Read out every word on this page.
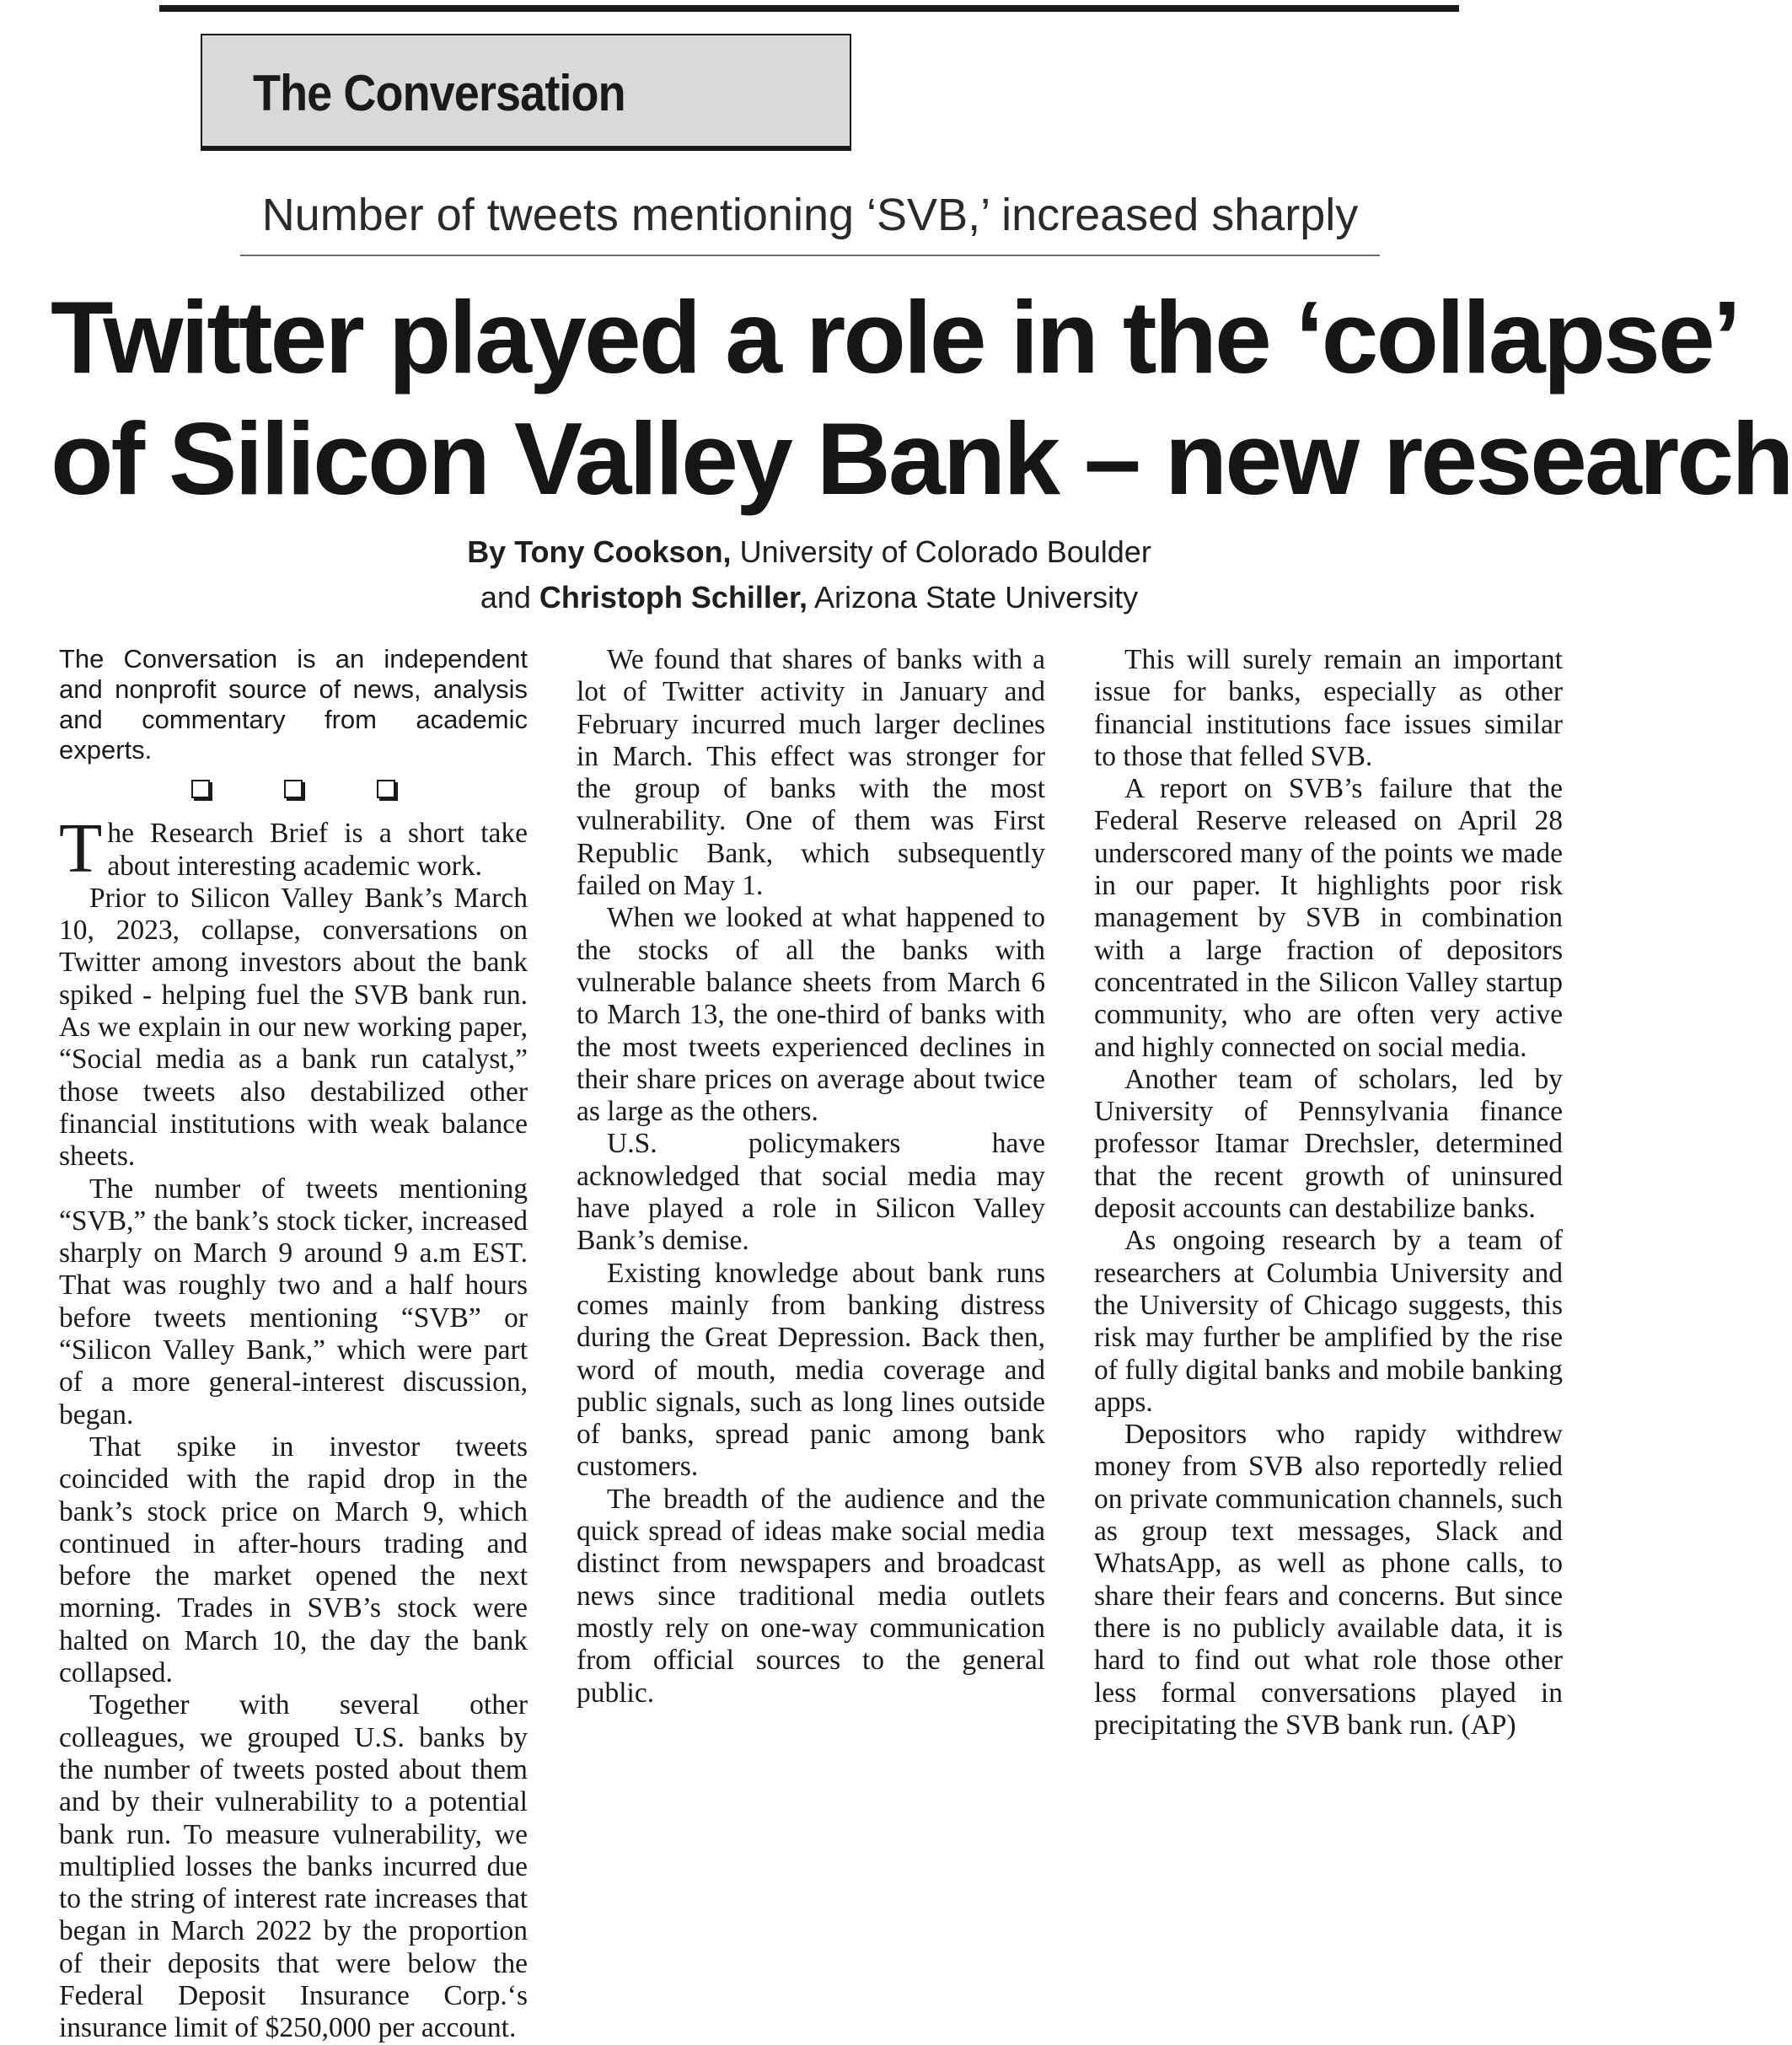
The Conversation
Number of tweets mentioning ‘SVB,’ increased sharply
Twitter played a role in the ‘collapse’
of Silicon Valley Bank – new research
By Tony Cookson, University of Colorado Boulder
and Christoph Schiller, Arizona State University

The Conversation is an independent and nonprofit source of news, analysis and commentary from academic experts.

The Research Brief is a short take about interesting academic work.

Prior to Silicon Valley Bank’s March 10, 2023, collapse, conversations on Twitter among investors about the bank spiked - helping fuel the SVB bank run. As we explain in our new working paper, “Social media as a bank run catalyst,” those tweets also destabilized other financial institutions with weak balance sheets.

The number of tweets mentioning “SVB,” the bank’s stock ticker, increased sharply on March 9 around 9 a.m EST. That was roughly two and a half hours before tweets mentioning “SVB” or “Silicon Valley Bank,” which were part of a more general-interest discussion, began.

That spike in investor tweets coincided with the rapid drop in the bank’s stock price on March 9, which continued in after-hours trading and before the market opened the next morning. Trades in SVB’s stock were halted on March 10, the day the bank collapsed.

Together with several other colleagues, we grouped U.S. banks by the number of tweets posted about them and by their vulnerability to a potential bank run. To measure vulnerability, we multiplied losses the banks incurred due to the string of interest rate increases that began in March 2022 by the proportion of their deposits that were below the Federal Deposit Insurance Corp.‘s insurance limit of $250,000 per account.

We found that shares of banks with a lot of Twitter activity in January and February incurred much larger declines in March. This effect was stronger for the group of banks with the most vulnerability. One of them was First Republic Bank, which subsequently failed on May 1.

When we looked at what happened to the stocks of all the banks with vulnerable balance sheets from March 6 to March 13, the one-third of banks with the most tweets experienced declines in their share prices on average about twice as large as the others.

U.S. policymakers have acknowledged that social media may have played a role in Silicon Valley Bank’s demise.

Existing knowledge about bank runs comes mainly from banking distress during the Great Depression. Back then, word of mouth, media coverage and public signals, such as long lines outside of banks, spread panic among bank customers.

The breadth of the audience and the quick spread of ideas make social media distinct from newspapers and broadcast news since traditional media outlets mostly rely on one-way communication from official sources to the general public.

This will surely remain an important issue for banks, especially as other financial institutions face issues similar to those that felled SVB.

A report on SVB’s failure that the Federal Reserve released on April 28 underscored many of the points we made in our paper. It highlights poor risk management by SVB in combination with a large fraction of depositors concentrated in the Silicon Valley startup community, who are often very active and highly connected on social media.

Another team of scholars, led by University of Pennsylvania finance professor Itamar Drechsler, determined that the recent growth of uninsured deposit accounts can destabilize banks.

As ongoing research by a team of researchers at Columbia University and the University of Chicago suggests, this risk may further be amplified by the rise of fully digital banks and mobile banking apps.

Depositors who rapidy withdrew money from SVB also reportedly relied on private communication channels, such as group text messages, Slack and WhatsApp, as well as phone calls, to share their fears and concerns. But since there is no publicly available data, it is hard to find out what role those other less formal conversations played in precipitating the SVB bank run. (AP)
